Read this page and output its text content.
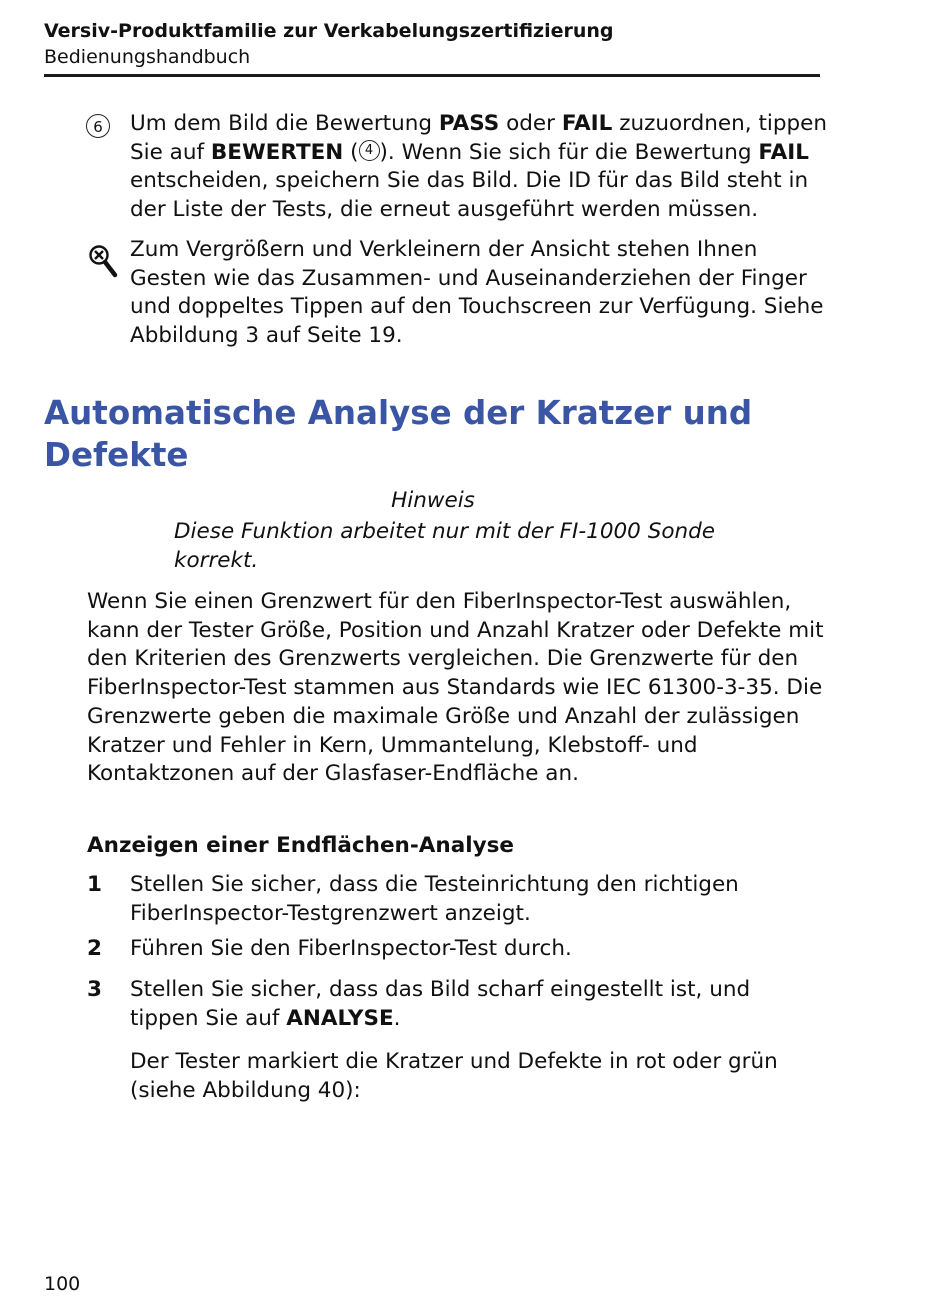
Versiv-Produktfamilie zur Verkabelungszertifizierung
Bedienungshandbuch
6	Um dem Bild die Bewertung PASS oder FAIL zuzuordnen, tippen Sie auf BEWERTEN ( 4 ). Wenn Sie sich für die Bewertung FAIL entscheiden, speichern Sie das Bild. Die ID für das Bild steht in der Liste der Tests, die erneut ausgeführt werden müssen.
Zum Vergrößern und Verkleinern der Ansicht stehen Ihnen Gesten wie das Zusammen- und Auseinanderziehen der Finger und doppeltes Tippen auf den Touchscreen zur Verfügung. Siehe Abbildung 3 auf Seite 19.
Automatische Analyse der Kratzer und Defekte
Hinweis
Diese Funktion arbeitet nur mit der FI-1000 Sonde korrekt.
Wenn Sie einen Grenzwert für den FiberInspector-Test auswählen, kann der Tester Größe, Position und Anzahl Kratzer oder Defekte mit den Kriterien des Grenzwerts vergleichen. Die Grenzwerte für den FiberInspector-Test stammen aus Standards wie IEC 61300-3-35. Die Grenzwerte geben die maximale Größe und Anzahl der zulässigen Kratzer und Fehler in Kern, Ummantelung, Klebstoff- und Kontaktzonen auf der Glasfaser-Endfläche an.
Anzeigen einer Endflächen-Analyse
1 Stellen Sie sicher, dass die Testeinrichtung den richtigen FiberInspector-Testgrenzwert anzeigt.
2 Führen Sie den FiberInspector-Test durch.
3 Stellen Sie sicher, dass das Bild scharf eingestellt ist, und tippen Sie auf ANALYSE.
Der Tester markiert die Kratzer und Defekte in rot oder grün (siehe Abbildung 40):
100
